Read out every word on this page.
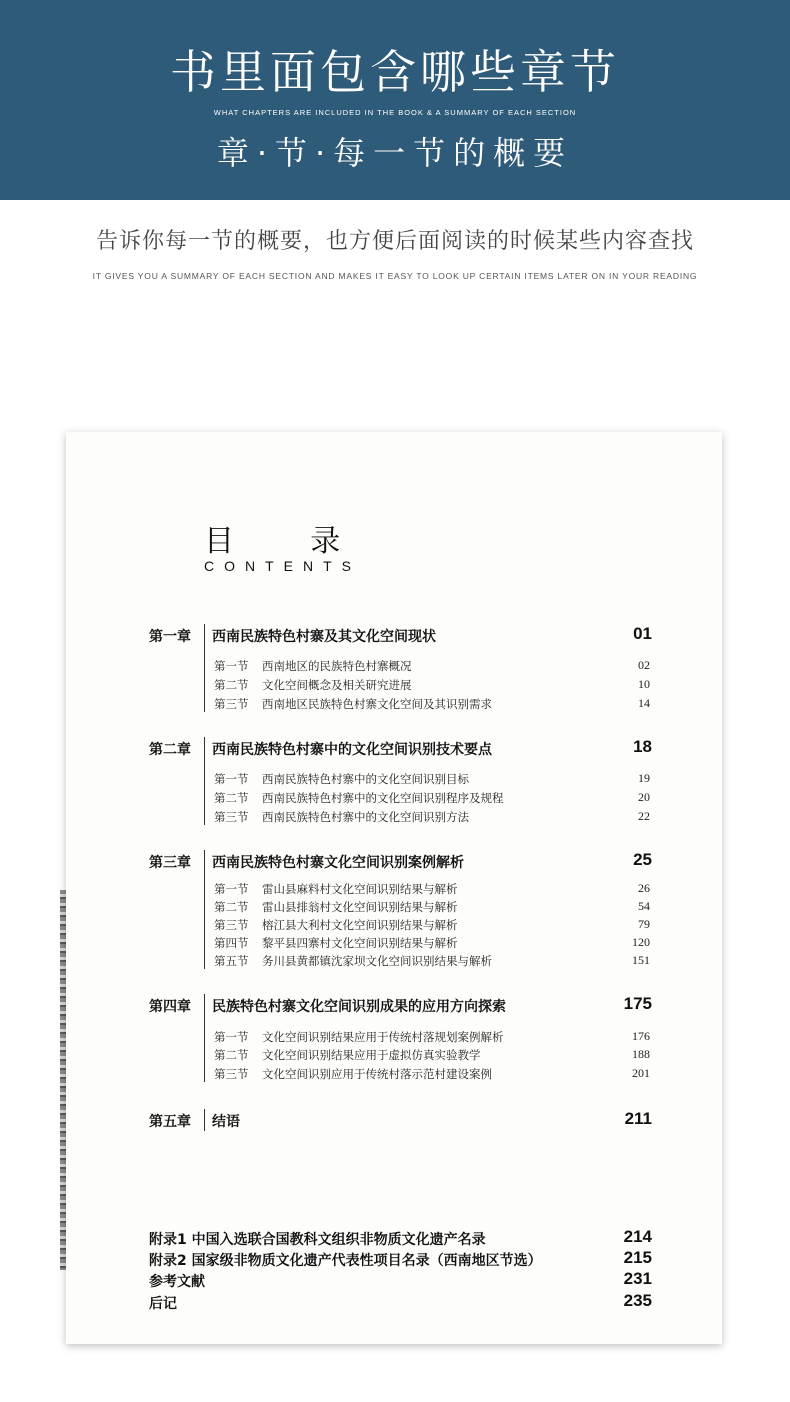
书里面包含哪些章节
WHAT CHAPTERS ARE INCLUDED IN THE BOOK & A SUMMARY OF EACH SECTION
章·节·每一节的概要
告诉你每一节的概要，也方便后面阅读的时候某些内容查找
IT GIVES YOU A SUMMARY OF EACH SECTION AND MAKES IT EASY TO LOOK UP CERTAIN ITEMS LATER ON IN YOUR READING
目        录
CONTENTS
第一章 西南民族特色村寨及其文化空间现状	01
第一节 西南地区的民族特色村寨概况	02
第二节 文化空间概念及相关研究进展	10
第三节 西南地区民族特色村寨文化空间及其识别需求	14
第二章 西南民族特色村寨中的文化空间识别技术要点	18
第一节 西南民族特色村寨中的文化空间识别目标	19
第二节 西南民族特色村寨中的文化空间识别程序及规程	20
第三节 西南民族特色村寨中的文化空间识别方法	22
第三章 西南民族特色村寨文化空间识别案例解析	25
第一节 雷山县麻料村文化空间识别结果与解析	26
第二节 雷山县排翁村文化空间识别结果与解析	54
第三节 榕江县大利村文化空间识别结果与解析	79
第四节 黎平县四寨村文化空间识别结果与解析	120
第五节 务川县黄都镇沈家坝文化空间识别结果与解析	151
第四章 民族特色村寨文化空间识别成果的应用方向探索	175
第一节 文化空间识别结果应用于传统村落规划案例解析	176
第二节 文化空间识别结果应用于虚拟仿真实验教学	188
第三节 文化空间识别应用于传统村落示范村建设案例	201
第五章 结语	211
附录1 中国入选联合国教科文组织非物质文化遗产名录	214
附录2 国家级非物质文化遗产代表性项目名录（西南地区节选）	215
参考文献	231
后记	235
